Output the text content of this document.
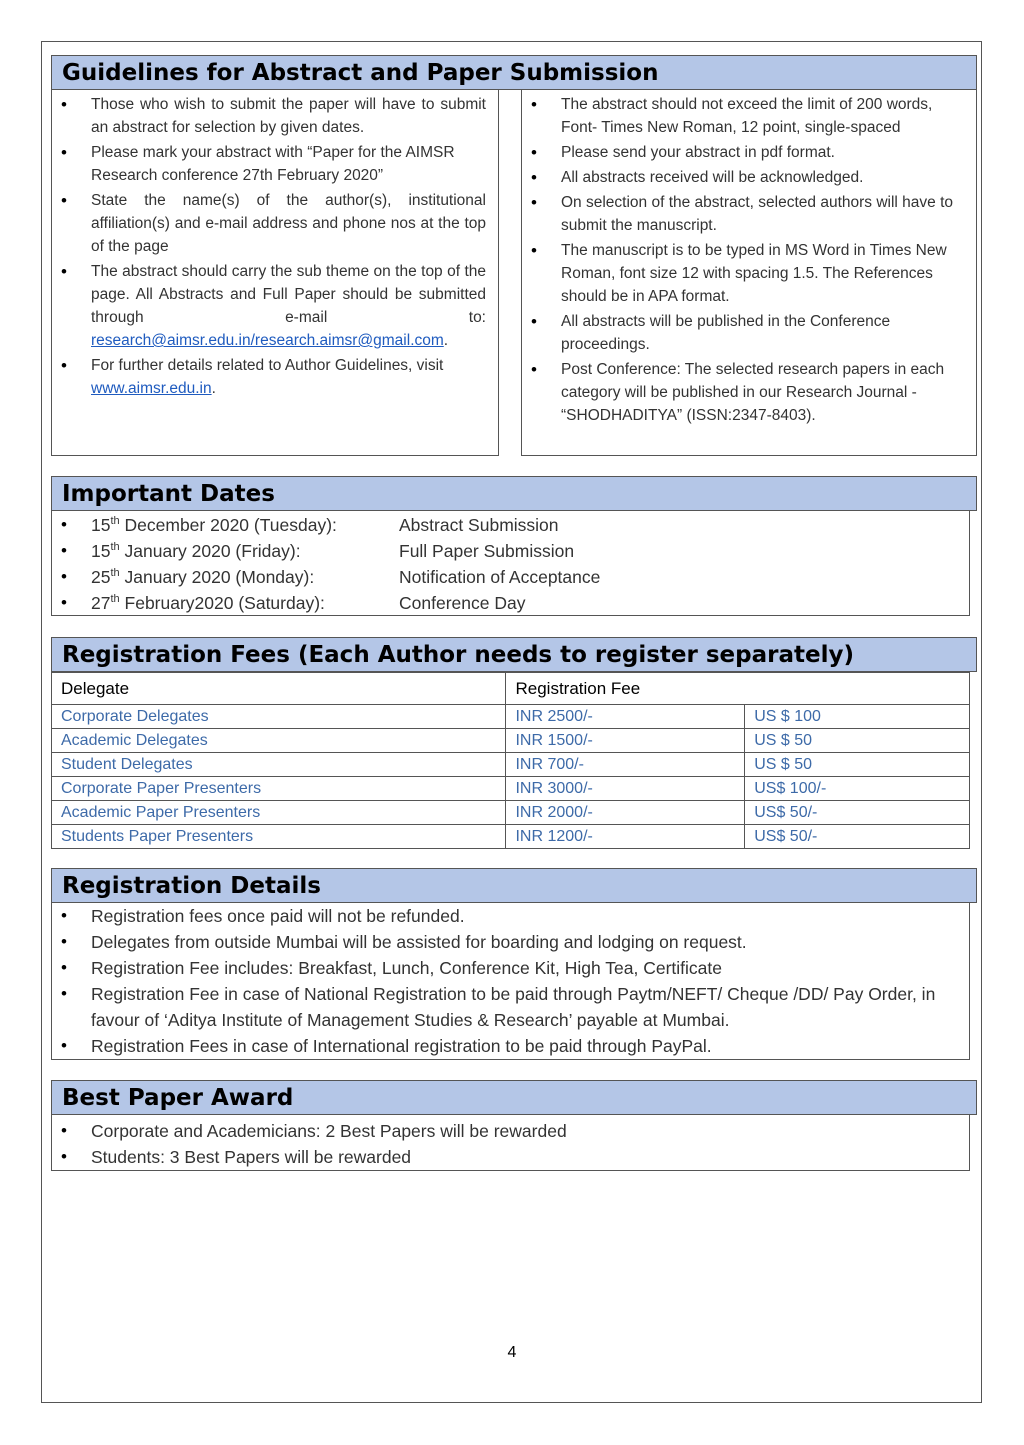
Guidelines for Abstract and Paper Submission
• Those who wish to submit the paper will have to submit an abstract for selection by given dates.
• Please mark your abstract with “Paper for the AIMSR Research conference 27th February 2020”
• State the name(s) of the author(s), institutional affiliation(s) and e-mail address and phone nos at the top of the page
• The abstract should carry the sub theme on the top of the page. All Abstracts and Full Paper should be submitted through e-mail to: research@aimsr.edu.in/research.aimsr@gmail.com.
• For further details related to Author Guidelines, visit www.aimsr.edu.in.
• The abstract should not exceed the limit of 200 words, Font- Times New Roman, 12 point, single-spaced
• Please send your abstract in pdf format.
• All abstracts received will be acknowledged.
• On selection of the abstract, selected authors will have to submit the manuscript.
• The manuscript is to be typed in MS Word in Times New Roman, font size 12 with spacing 1.5. The References should be in APA format.
• All abstracts will be published in the Conference proceedings.
• Post Conference: The selected research papers in each category will be published in our Research Journal - “SHODHADITYA” (ISSN:2347-8403).
Important Dates
• 15th December 2020 (Tuesday):	Abstract Submission
• 15th January 2020 (Friday):	Full Paper Submission
• 25th January 2020 (Monday):	Notification of Acceptance
• 27th February2020 (Saturday):	Conference Day
Registration Fees (Each Author needs to register separately)
Delegate	Registration Fee	
Corporate Delegates	INR 2500/-	US $ 100
Academic Delegates	INR 1500/-	US $ 50
Student Delegates	INR 700/-	US $ 50
Corporate Paper Presenters	INR 3000/-	US$ 100/-
Academic Paper Presenters	INR 2000/-	US$ 50/-
Students Paper Presenters	INR 1200/-	US$ 50/-
Registration Details
• Registration fees once paid will not be refunded.
• Delegates from outside Mumbai will be assisted for boarding and lodging on request.
• Registration Fee includes: Breakfast, Lunch, Conference Kit, High Tea, Certificate
• Registration Fee in case of National Registration to be paid through Paytm/NEFT/ Cheque /DD/ Pay Order, in favour of ‘Aditya Institute of Management Studies & Research’ payable at Mumbai.
• Registration Fees in case of International registration to be paid through PayPal.
Best Paper Award
• Corporate and Academicians: 2 Best Papers will be rewarded
• Students: 3 Best Papers will be rewarded
4
